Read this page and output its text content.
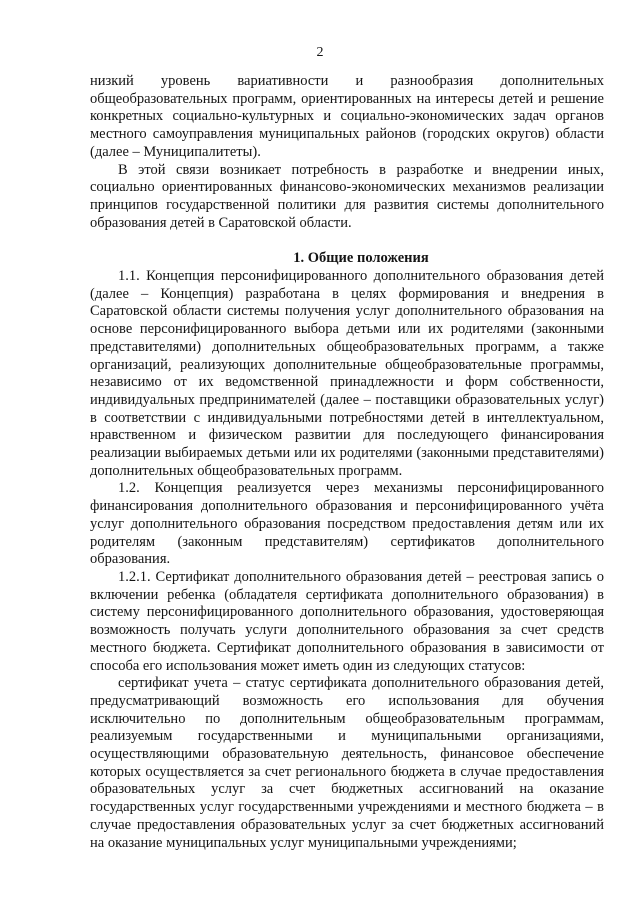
2

низкий уровень вариативности и разнообразия дополнительных общеобразовательных программ, ориентированных на интересы детей и решение конкретных социально-культурных и социально-экономических задач органов местного самоуправления муниципальных районов (городских округов) области (далее – Муниципалитеты).

В этой связи возникает потребность в разработке и внедрении иных, социально ориентированных финансово-экономических механизмов реализации принципов государственной политики для развития системы дополнительного образования детей в Саратовской области.

1. Общие положения

1.1. Концепция персонифицированного дополнительного образования детей (далее – Концепция) разработана в целях формирования и внедрения в Саратовской области системы получения услуг дополнительного образования на основе персонифицированного выбора детьми или их родителями (законными представителями) дополнительных общеобразовательных программ, а также организаций, реализующих дополнительные общеобразовательные программы, независимо от их ведомственной принадлежности и форм собственности, индивидуальных предпринимателей (далее – поставщики образовательных услуг) в соответствии с индивидуальными потребностями детей в интеллектуальном, нравственном и физическом развитии для последующего финансирования реализации выбираемых детьми или их родителями (законными представителями) дополнительных общеобразовательных программ.

1.2. Концепция реализуется через механизмы персонифицированного финансирования дополнительного образования и персонифицированного учёта услуг дополнительного образования посредством предоставления детям или их родителям (законным представителям) сертификатов дополнительного образования.

1.2.1. Сертификат дополнительного образования детей – реестровая запись о включении ребенка (обладателя сертификата дополнительного образования) в систему персонифицированного дополнительного образования, удостоверяющая возможность получать услуги дополнительного образования за счет средств местного бюджета. Сертификат дополнительного образования в зависимости от способа его использования может иметь один из следующих статусов:

сертификат учета – статус сертификата дополнительного образования детей, предусматривающий возможность его использования для обучения исключительно по дополнительным общеобразовательным программам, реализуемым государственными и муниципальными организациями, осуществляющими образовательную деятельность, финансовое обеспечение которых осуществляется за счет регионального бюджета в случае предоставления образовательных услуг за счет бюджетных ассигнований на оказание государственных услуг государственными учреждениями и местного бюджета – в случае предоставления образовательных услуг за счет бюджетных ассигнований на оказание муниципальных услуг муниципальными учреждениями;
